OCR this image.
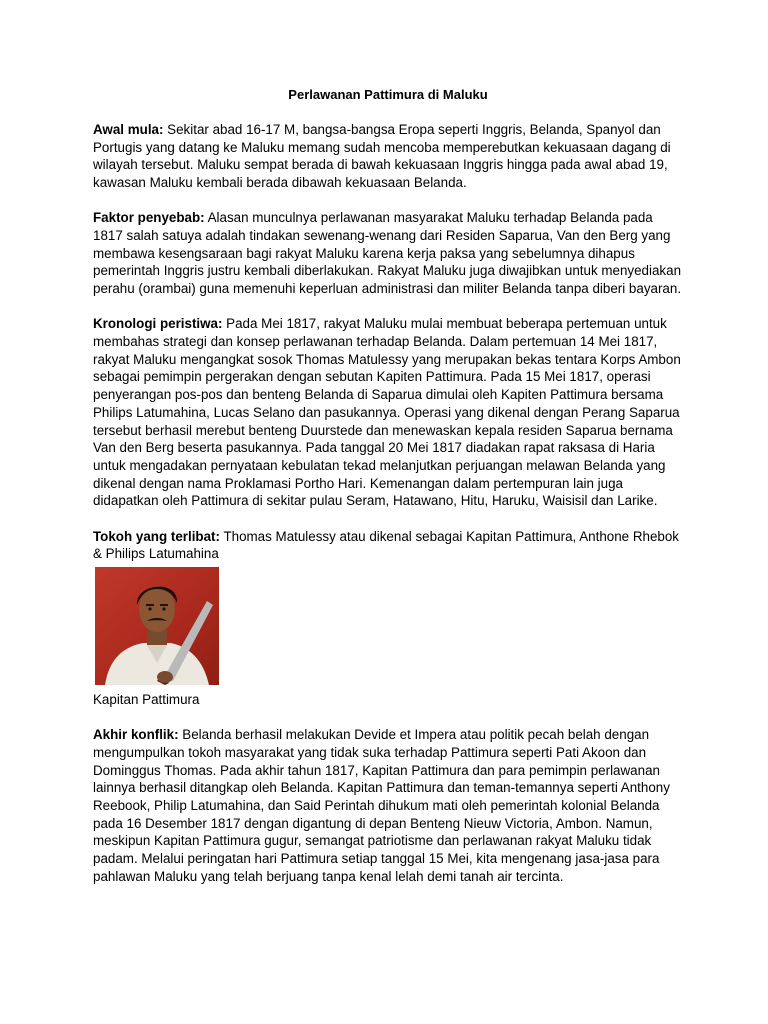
Perlawanan Pattimura di Maluku

Awal mula: Sekitar abad 16-17 M, bangsa-bangsa Eropa seperti Inggris, Belanda, Spanyol dan Portugis yang datang ke Maluku memang sudah mencoba memperebutkan kekuasaan dagang di wilayah tersebut. Maluku sempat berada di bawah kekuasaan Inggris hingga pada awal abad 19, kawasan Maluku kembali berada dibawah kekuasaan Belanda.

Faktor penyebab: Alasan munculnya perlawanan masyarakat Maluku terhadap Belanda pada 1817 salah satuya adalah tindakan sewenang-wenang dari Residen Saparua, Van den Berg yang membawa kesengsaraan bagi rakyat Maluku karena kerja paksa yang sebelumnya dihapus pemerintah Inggris justru kembali diberlakukan. Rakyat Maluku juga diwajibkan untuk menyediakan perahu (orambai) guna memenuhi keperluan administrasi dan militer Belanda tanpa diberi bayaran.

Kronologi peristiwa: Pada Mei 1817, rakyat Maluku mulai membuat beberapa pertemuan untuk membahas strategi dan konsep perlawanan terhadap Belanda. Dalam pertemuan 14 Mei 1817, rakyat Maluku mengangkat sosok Thomas Matulessy yang merupakan bekas tentara Korps Ambon sebagai pemimpin pergerakan dengan sebutan Kapiten Pattimura. Pada 15 Mei 1817, operasi penyerangan pos-pos dan benteng Belanda di Saparua dimulai oleh Kapiten Pattimura bersama Philips Latumahina, Lucas Selano dan pasukannya. Operasi yang dikenal dengan Perang Saparua tersebut berhasil merebut benteng Duurstede dan menewaskan kepala residen Saparua bernama Van den Berg beserta pasukannya. Pada tanggal 20 Mei 1817 diadakan rapat raksasa di Haria untuk mengadakan pernyataan kebulatan tekad melanjutkan perjuangan melawan Belanda yang dikenal dengan nama Proklamasi Portho Hari. Kemenangan dalam pertempuran lain juga didapatkan oleh Pattimura di sekitar pulau Seram, Hatawano, Hitu, Haruku, Waisisil dan Larike.

Tokoh yang terlibat: Thomas Matulessy atau dikenal sebagai Kapitan Pattimura, Anthone Rhebok & Philips Latumahina

Kapitan Pattimura

Akhir konflik: Belanda berhasil melakukan Devide et Impera atau politik pecah belah dengan mengumpulkan tokoh masyarakat yang tidak suka terhadap Pattimura seperti Pati Akoon dan Dominggus Thomas. Pada akhir tahun 1817, Kapitan Pattimura dan para pemimpin perlawanan lainnya berhasil ditangkap oleh Belanda. Kapitan Pattimura dan teman-temannya seperti Anthony Reebook, Philip Latumahina, dan Said Perintah dihukum mati oleh pemerintah kolonial Belanda pada 16 Desember 1817 dengan digantung di depan Benteng Nieuw Victoria, Ambon. Namun, meskipun Kapitan Pattimura gugur, semangat patriotisme dan perlawanan rakyat Maluku tidak padam. Melalui peringatan hari Pattimura setiap tanggal 15 Mei, kita mengenang jasa-jasa para pahlawan Maluku yang telah berjuang tanpa kenal lelah demi tanah air tercinta.
